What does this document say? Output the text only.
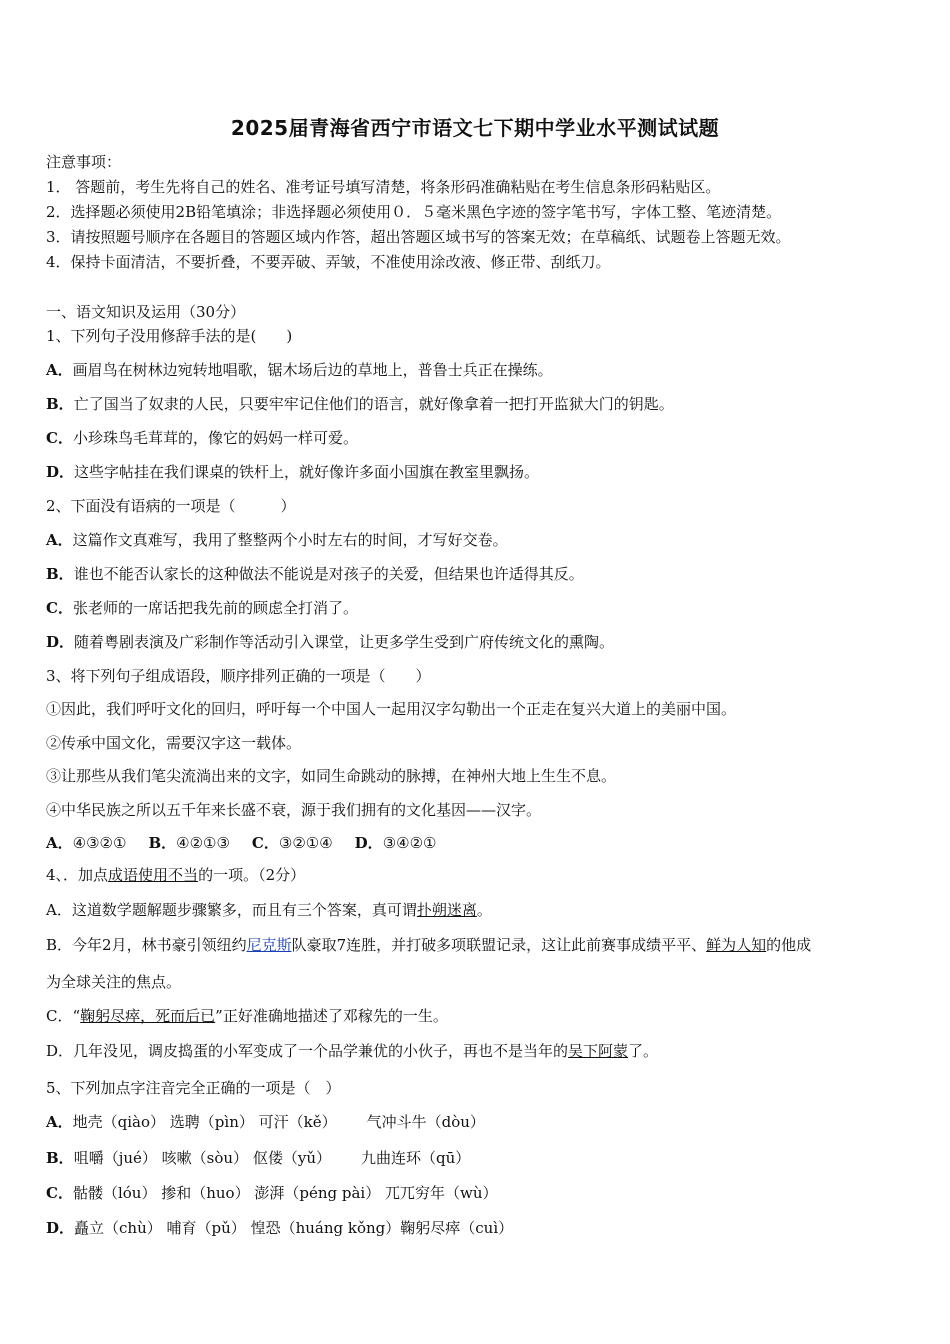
2025届青海省西宁市语文七下期中学业水平测试试题
注意事项：
1． 答题前，考生先将自己的姓名、准考证号填写清楚，将条形码准确粘贴在考生信息条形码粘贴区。
2．选择题必须使用2B铅笔填涂；非选择题必须使用０．５毫米黑色字迹的签字笔书写，字体工整、笔迹清楚。
3．请按照题号顺序在各题目的答题区域内作答，超出答题区域书写的答案无效；在草稿纸、试题卷上答题无效。
4．保持卡面清洁，不要折叠，不要弄破、弄皱，不准使用涂改液、修正带、刮纸刀。
一、语文知识及运用（30分）
1、下列句子没用修辞手法的是(　　)
A．画眉鸟在树林边宛转地唱歌，锯木场后边的草地上，普鲁士兵正在操练。
B．亡了国当了奴隶的人民，只要牢牢记住他们的语言，就好像拿着一把打开监狱大门的钥匙。
C．小珍珠鸟毛茸茸的，像它的妈妈一样可爱。
D．这些字帖挂在我们课桌的铁杆上，就好像许多面小国旗在教室里飘扬。
2、下面没有语病的一项是（　　　）
A．这篇作文真难写，我用了整整两个小时左右的时间，才写好交卷。
B．谁也不能否认家长的这种做法不能说是对孩子的关爱，但结果也许适得其反。
C．张老师的一席话把我先前的顾虑全打消了。
D．随着粤剧表演及广彩制作等活动引入课堂，让更多学生受到广府传统文化的熏陶。
3、将下列句子组成语段，顺序排列正确的一项是（　　）
①因此，我们呼吁文化的回归，呼吁每一个中国人一起用汉字勾勒出一个正走在复兴大道上的美丽中国。
②传承中国文化，需要汉字这一载体。
③让那些从我们笔尖流淌出来的文字，如同生命跳动的脉搏，在神州大地上生生不息。
④中华民族之所以五千年来长盛不衰，源于我们拥有的文化基因——汉字。
A．④③②① B．④②①③ C．③②①④ D．③④②①
4、．加点成语使用不当的一项。（2分）
A．这道数学题解题步骤繁多，而且有三个答案，真可谓扑朔迷离。
B．今年2月，林书豪引领纽约尼克斯队豪取7连胜，并打破多项联盟记录，这让此前赛事成绩平平、鲜为人知的他成
为全球关注的焦点。
C．“鞠躬尽瘁，死而后已”正好准确地描述了邓稼先的一生。
D．几年没见，调皮捣蛋的小军变成了一个品学兼优的小伙子，再也不是当年的吴下阿蒙了。
5、下列加点字注音完全正确的一项是（　）
A．地壳（qiào） 选聘（pìn） 可汗（kě） 气冲斗牛（dòu）
B．咀嚼（jué） 咳嗽（sòu） 伛偻（yǔ） 九曲连环（qū）
C．骷髅（lóu） 掺和（huo） 澎湃（péng pài） 兀兀穷年（wù）
D．矗立（chù） 哺育（pǔ） 惶恐（huáng kǒng）鞠躬尽瘁（cuì）
